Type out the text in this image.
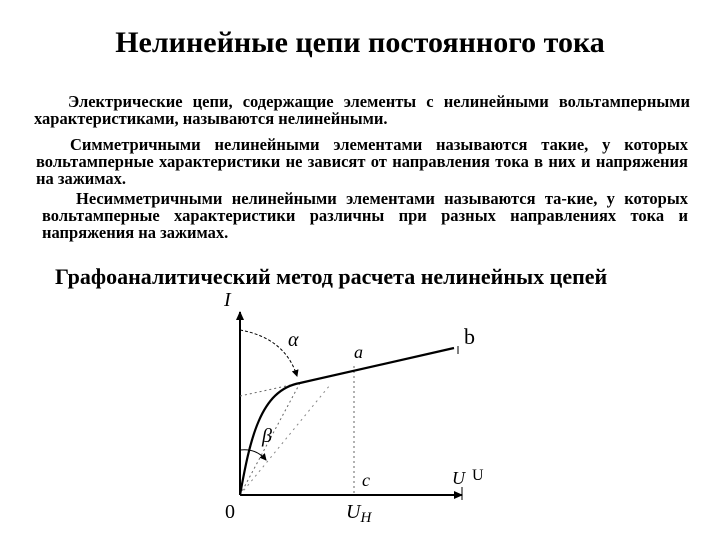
Нелинейные цепи постоянного тока
Электрические цепи, содержащие элементы с нелинейными вольтамперными характеристиками, называются нелинейными.
Симметричными нелинейными элементами называются такие, у которых вольтамперные характеристики не зависят от направления тока в них и напряжения на зажимах.
Несимметричными нелинейными элементами называются та-кие, у которых вольтамперные характеристики различны при разных направлениях тока и напряжения на зажимах.
Графоаналитический метод расчета нелинейных цепей
I
U U
0
α
β
a
b
c
$U_Н$
